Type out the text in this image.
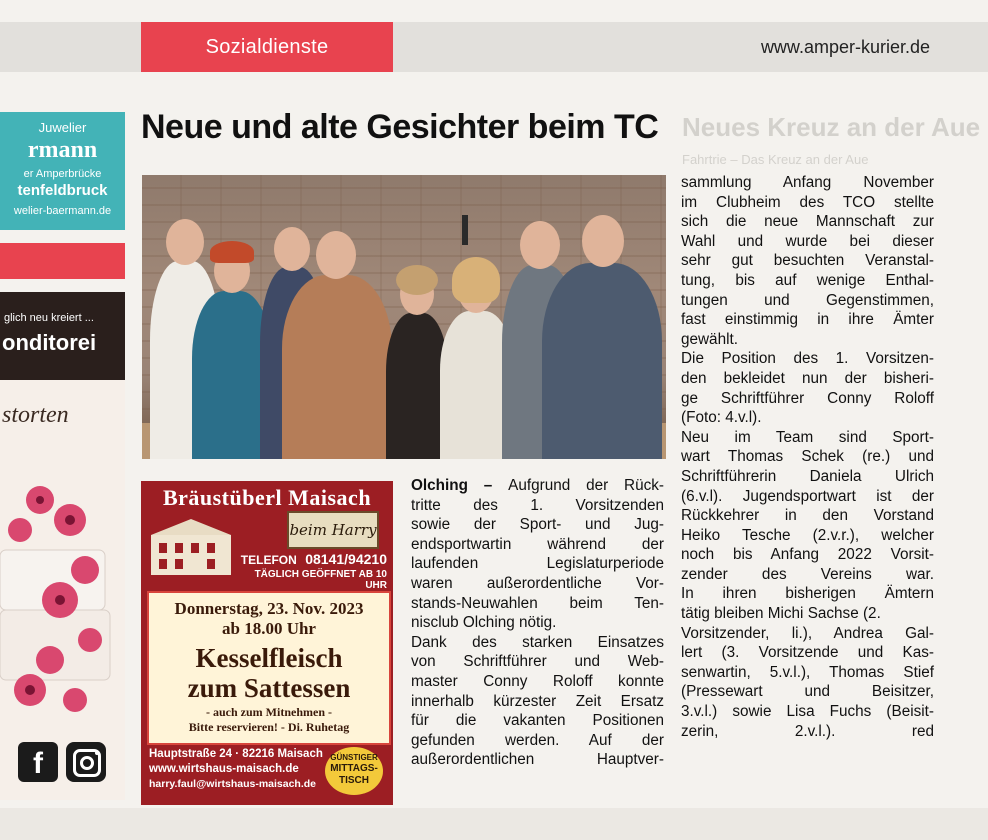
Sozialdienste	www.amper-kurier.de
Juwelier
rmann
er Amperbrücke
tenfeldbruck
welier-baermann.de
glich neu kreiert ...
onditorei
storten
f
Neues Kreuz an der Aue
Fahrtrie – Das Kreuz an der Aue
Neue und alte Gesichter beim TC
Olching – Aufgrund der Rück-
tritte des 1. Vorsitzenden
sowie der Sport- und Jug-
endsportwartin während der
laufenden Legislaturperiode
waren außerordentliche Vor-
stands-Neuwahlen beim Ten-
nisclub Olching nötig.
Dank des starken Einsatzes
von Schriftführer und Web-
master Conny Roloff konnte
innerhalb kürzester Zeit Ersatz
für die vakanten Positionen
gefunden werden. Auf der
außerordentlichen Hauptver-
sammlung Anfang November
im Clubheim des TCO stellte
sich die neue Mannschaft zur
Wahl und wurde bei dieser
sehr gut besuchten Veranstal-
tung, bis auf wenige Enthal-
tungen und Gegenstimmen,
fast einstimmig in ihre Ämter
gewählt.
Die Position des 1. Vorsitzen-
den bekleidet nun der bisheri-
ge Schriftführer Conny Roloff
(Foto: 4.v.l).
Neu im Team sind Sport-
wart Thomas Schek (re.) und
Schriftführerin Daniela Ulrich
(6.v.l). Jugendsportwart ist der
Rückkehrer in den Vorstand
Heiko Tesche (2.v.r.), welcher
noch bis Anfang 2022 Vorsit-
zender des Vereins war.
In ihren bisherigen Ämtern
tätig bleiben Michi Sachse (2.
Vorsitzender, li.), Andrea Gal-
lert (3. Vorsitzende und Kas-
senwartin, 5.v.l.), Thomas Stief
(Pressewart und Beisitzer,
3.v.l.) sowie Lisa Fuchs (Beisit-
zerin, 2.v.l.). red
Bräustüberl Maisach
beim Harry
TELEFON 08141/94210
TÄGLICH GEÖFFNET AB 10 UHR
Donnerstag, 23. Nov. 2023
ab 18.00 Uhr
Kesselfleisch
zum Sattessen
- auch zum Mitnehmen -
Bitte reservieren! - Di. Ruhetag
Hauptstraße 24 · 82216 Maisach
www.wirtshaus-maisach.de
harry.faul@wirtshaus-maisach.de
GÜNSTIGER
MITTAGS-
TISCH
